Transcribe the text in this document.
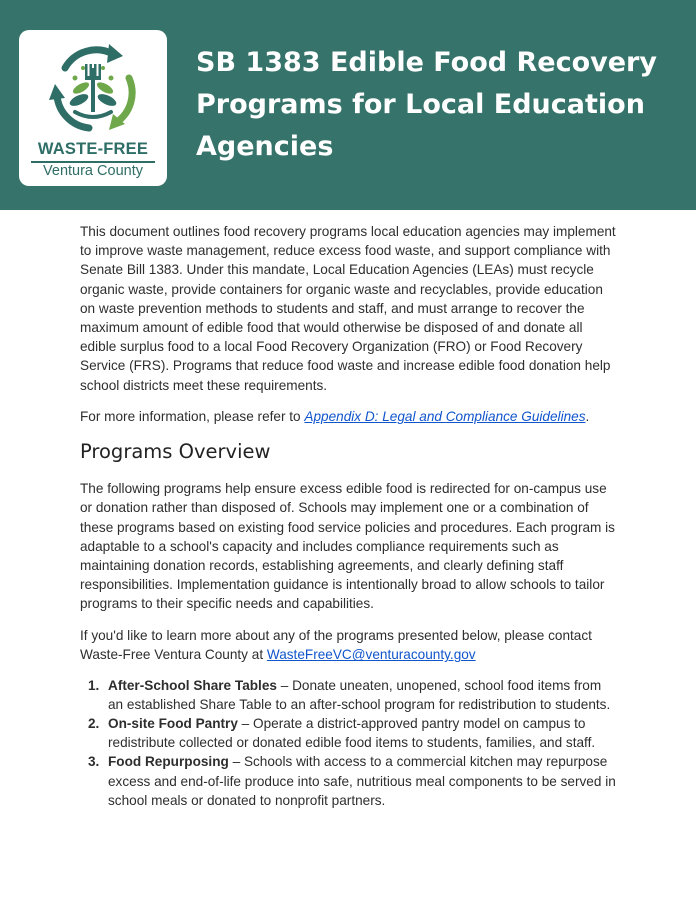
WASTE-FREE
Ventura County
SB 1383 Edible Food Recovery Programs for Local Education Agencies

This document outlines food recovery programs local education agencies may implement to improve waste management, reduce excess food waste, and support compliance with Senate Bill 1383. Under this mandate, Local Education Agencies (LEAs) must recycle organic waste, provide containers for organic waste and recyclables, provide education on waste prevention methods to students and staff, and must arrange to recover the maximum amount of edible food that would otherwise be disposed of and donate all edible surplus food to a local Food Recovery Organization (FRO) or Food Recovery Service (FRS). Programs that reduce food waste and increase edible food donation help school districts meet these requirements.

For more information, please refer to Appendix D: Legal and Compliance Guidelines.

Programs Overview

The following programs help ensure excess edible food is redirected for on-campus use or donation rather than disposed of. Schools may implement one or a combination of these programs based on existing food service policies and procedures. Each program is adaptable to a school's capacity and includes compliance requirements such as maintaining donation records, establishing agreements, and clearly defining staff responsibilities. Implementation guidance is intentionally broad to allow schools to tailor programs to their specific needs and capabilities.

If you'd like to learn more about any of the programs presented below, please contact Waste-Free Ventura County at WasteFreeVC@venturacounty.gov

1. After-School Share Tables – Donate uneaten, unopened, school food items from an established Share Table to an after-school program for redistribution to students.
2. On-site Food Pantry – Operate a district-approved pantry model on campus to redistribute collected or donated edible food items to students, families, and staff.
3. Food Repurposing – Schools with access to a commercial kitchen may repurpose excess and end-of-life produce into safe, nutritious meal components to be served in school meals or donated to nonprofit partners.
